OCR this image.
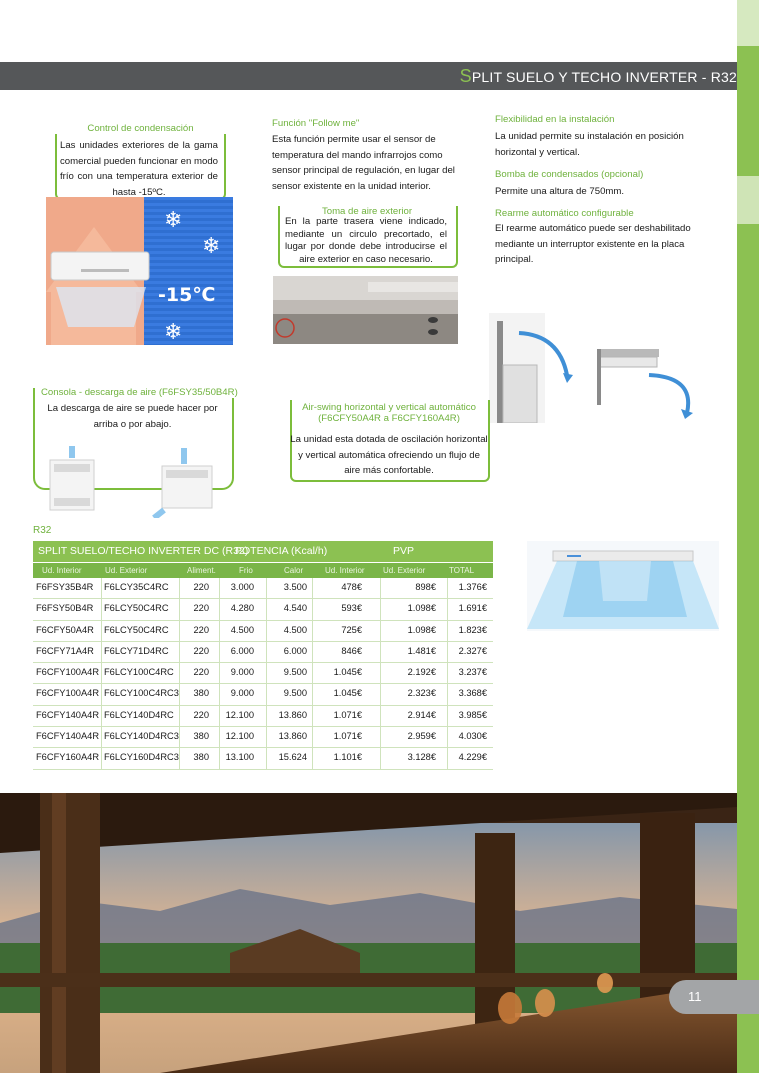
SPLIT SUELO Y TECHO INVERTER - R32
Control de condensación
Las unidades exteriores de la gama comercial pueden funcionar en modo frío con una temperatura exterior de hasta -15ºC.
-15℃
❄
❄
❄
Función "Follow me"
Esta función permite usar el sensor de temperatura del mando infrarrojos como sensor principal de regulación, en lugar del sensor existente en la unidad interior.
Toma de aire exterior
En la parte trasera viene indicado, mediante un circulo precortado, el lugar por donde debe introducirse el aire exterior en caso necesario.
Flexibilidad en la instalación
La unidad permite su instalación en posición horizontal y vertical.
Bomba de condensados (opcional)
Permite una altura de 750mm.
Rearme automático configurable
El rearme automático puede ser deshabilitado mediante un interruptor existente en la placa principal.
Consola - descarga de aire (F6FSY35/50B4R)
La descarga de aire se puede hacer por arriba o por abajo.
Air-swing horizontal y vertical automático
(F6CFY50A4R a F6CFY160A4R)
La unidad esta dotada de oscilación horizontal y vertical automática ofreciendo un flujo de aire más confortable.
R32
SPLIT SUELO/TECHO INVERTER DC (R32)
POTENCIA (Kcal/h)	PVP
Ud. Interior	Ud. Exterior	Aliment.	Frio	Calor	Ud. Interior Ud. Exterior	TOTAL
F6FSY35B4R F6LCY35C4RC	220 3.000	3.500	478€	898€ 1.376€
F6FSY50B4R F6LCY50C4RC	220 4.280	4.540	593€	1.098€ 1.691€
F6CFY50A4R F6LCY50C4RC	220 4.500	4.500	725€	1.098€ 1.823€
F6CFY71A4R F6LCY71D4RC	220 6.000	6.000	846€	1.481€ 2.327€
F6CFY100A4R F6LCY100C4RC 220 9.000	9.500	1.045€	2.192€ 3.237€
F6CFY100A4R F6LCY100C4RC3 380 9.000	9.500	1.045€	2.323€ 3.368€
F6CFY140A4R F6LCY140D4RC 220 12.100	13.860	1.071€	2.914€ 3.985€
F6CFY140A4R F6LCY140D4RC3 380 12.100	13.860	1.071€	2.959€ 4.030€
F6CFY160A4R F6LCY160D4RC3 380 13.100	15.624	1.101€	3.128€ 4.229€
11
